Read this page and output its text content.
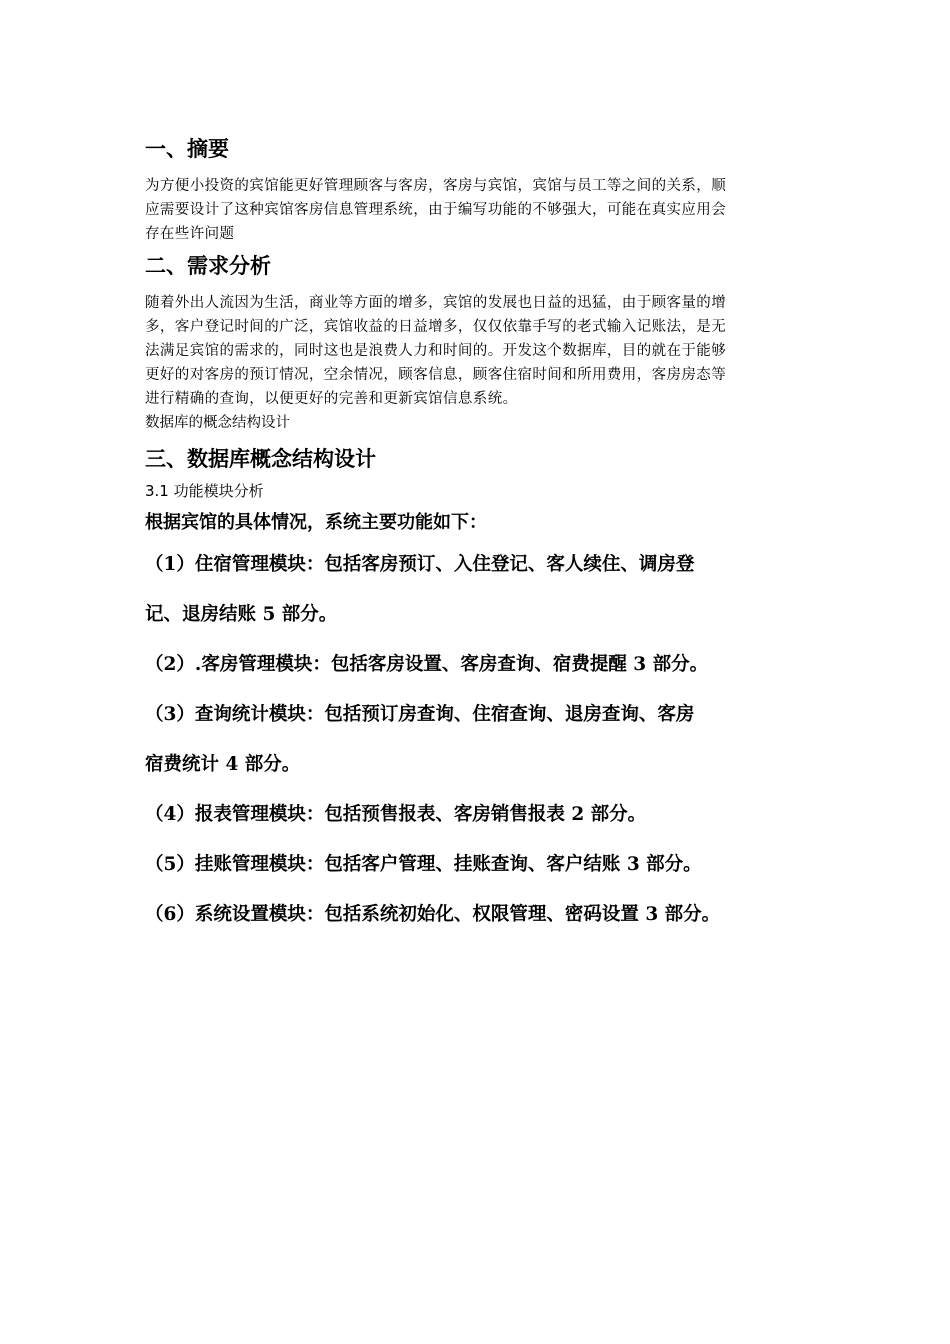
一、摘要

为方便小投资的宾馆能更好管理顾客与客房，客房与宾馆，宾馆与员工等之间的关系，顺

应需要设计了这种宾馆客房信息管理系统，由于编写功能的不够强大，可能在真实应用会

存在些许问题

二、需求分析

随着外出人流因为生活，商业等方面的增多，宾馆的发展也日益的迅猛，由于顾客量的增

多，客户登记时间的广泛，宾馆收益的日益增多，仅仅依靠手写的老式输入记账法，是无

法满足宾馆的需求的，同时这也是浪费人力和时间的。开发这个数据库，目的就在于能够

更好的对客房的预订情况，空余情况，顾客信息，顾客住宿时间和所用费用，客房房态等

进行精确的查询，以便更好的完善和更新宾馆信息系统。

数据库的概念结构设计

三、数据库概念结构设计

3.1 功能模块分析

根据宾馆的具体情况，系统主要功能如下：

（1）住宿管理模块：包括客房预订、入住登记、客人续住、调房登

记、退房结账 5 部分。

（2）.客房管理模块：包括客房设置、客房查询、宿费提醒 3 部分。

（3）查询统计模块：包括预订房查询、住宿查询、退房查询、客房

宿费统计 4 部分。

（4）报表管理模块：包括预售报表、客房销售报表 2 部分。

（5）挂账管理模块：包括客户管理、挂账查询、客户结账 3 部分。

（6）系统设置模块：包括系统初始化、权限管理、密码设置 3 部分。
